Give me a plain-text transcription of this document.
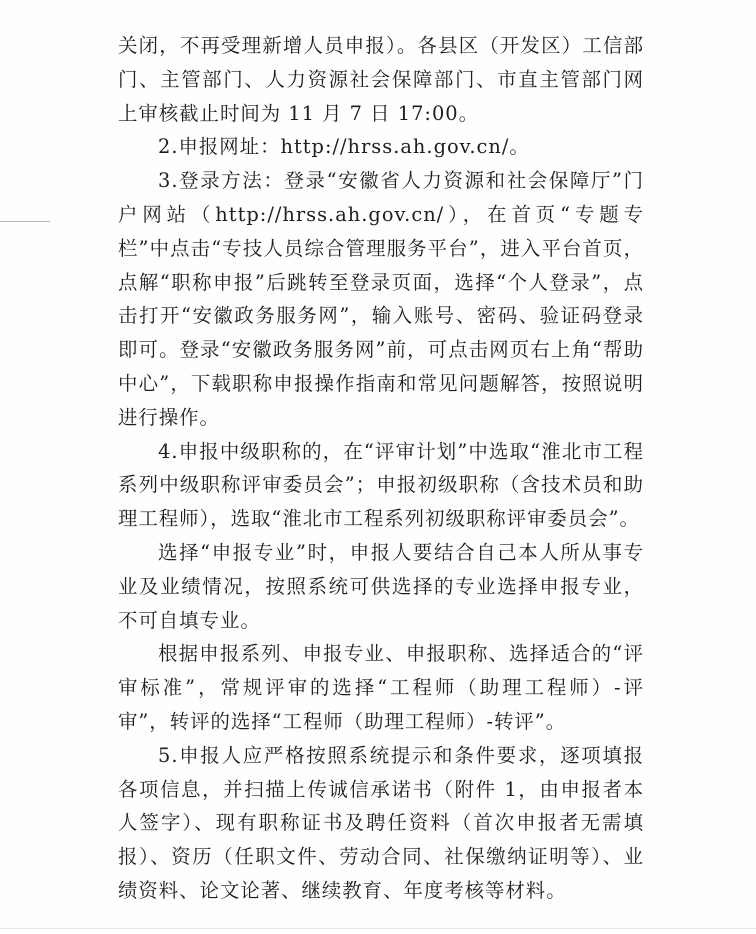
关闭，不再受理新增人员申报）。各县区（开发区）工信部门、主管部门、人力资源社会保障部门、市直主管部门网上审核截止时间为 11 月 7 日 17:00。

2.申报网址：http://hrss.ah.gov.cn/。

3.登录方法：登录“安徽省人力资源和社会保障厅”门户网站（http://hrss.ah.gov.cn/），在首页“专题专栏”中点击“专技人员综合管理服务平台”，进入平台首页，点解“职称申报”后跳转至登录页面，选择“个人登录”，点击打开“安徽政务服务网”，输入账号、密码、验证码登录即可。登录“安徽政务服务网”前，可点击网页右上角“帮助中心”，下载职称申报操作指南和常见问题解答，按照说明进行操作。

4.申报中级职称的，在“评审计划”中选取“淮北市工程系列中级职称评审委员会”；申报初级职称（含技术员和助理工程师），选取“淮北市工程系列初级职称评审委员会”。

选择“申报专业”时，申报人要结合自己本人所从事专业及业绩情况，按照系统可供选择的专业选择申报专业，不可自填专业。

根据申报系列、申报专业、申报职称、选择适合的“评审标准”，常规评审的选择“工程师（助理工程师）-评审”，转评的选择“工程师（助理工程师）-转评”。

5.申报人应严格按照系统提示和条件要求，逐项填报各项信息，并扫描上传诚信承诺书（附件 1，由申报者本人签字）、现有职称证书及聘任资料（首次申报者无需填报）、资历（任职文件、劳动合同、社保缴纳证明等）、业绩资料、论文论著、继续教育、年度考核等材料。
